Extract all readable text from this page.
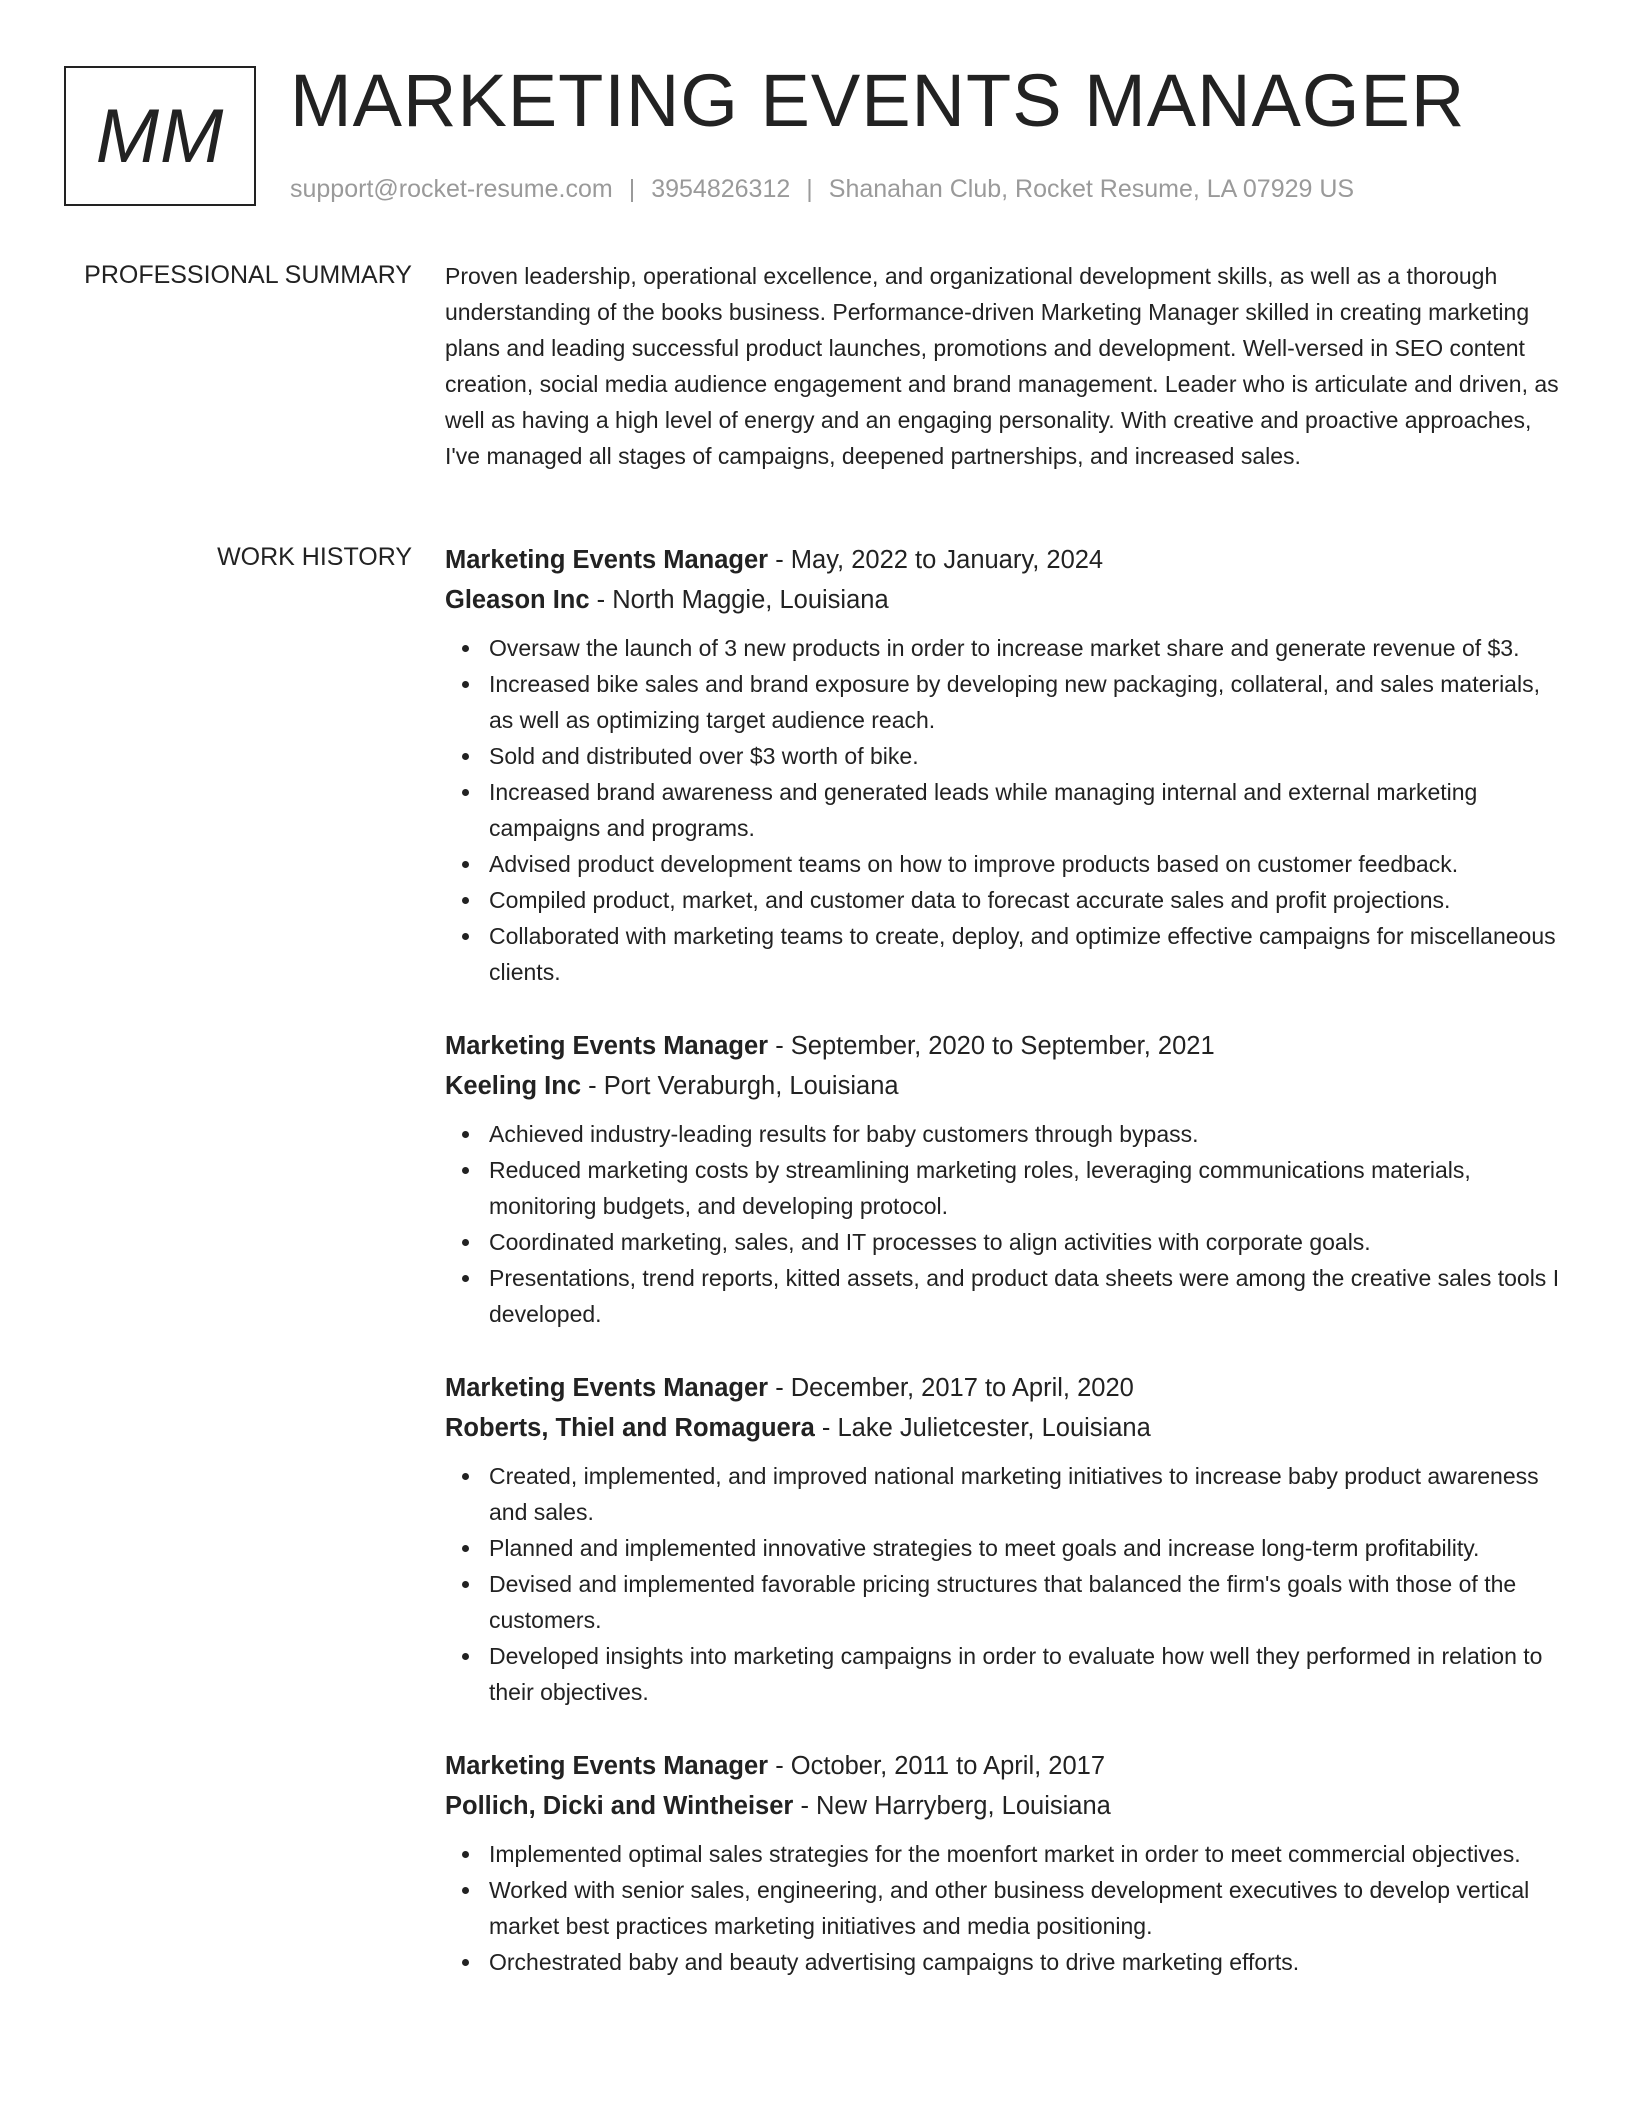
MM MARKETING EVENTS MANAGER
support@rocket-resume.com | 3954826312 | Shanahan Club, Rocket Resume, LA 07929 US
PROFESSIONAL SUMMARY Proven leadership, operational excellence, and organizational development skills, as well as a thorough understanding of the books business. Performance-driven Marketing Manager skilled in creating marketing plans and leading successful product launches, promotions and development. Well-versed in SEO content creation, social media audience engagement and brand management. Leader who is articulate and driven, as well as having a high level of energy and an engaging personality. With creative and proactive approaches, I've managed all stages of campaigns, deepened partnerships, and increased sales.

WORK HISTORY Marketing Events Manager - May, 2022 to January, 2024
Gleason Inc - North Maggie, Louisiana
Oversaw the launch of 3 new products in order to increase market share and generate revenue of $3.
Increased bike sales and brand exposure by developing new packaging, collateral, and sales materials, as well as optimizing target audience reach.
Sold and distributed over $3 worth of bike.
Increased brand awareness and generated leads while managing internal and external marketing campaigns and programs.
Advised product development teams on how to improve products based on customer feedback.
Compiled product, market, and customer data to forecast accurate sales and profit projections.
Collaborated with marketing teams to create, deploy, and optimize effective campaigns for miscellaneous clients.
Marketing Events Manager - September, 2020 to September, 2021
Keeling Inc - Port Veraburgh, Louisiana
Achieved industry-leading results for baby customers through bypass.
Reduced marketing costs by streamlining marketing roles, leveraging communications materials, monitoring budgets, and developing protocol.
Coordinated marketing, sales, and IT processes to align activities with corporate goals.
Presentations, trend reports, kitted assets, and product data sheets were among the creative sales tools I developed.
Marketing Events Manager - December, 2017 to April, 2020
Roberts, Thiel and Romaguera - Lake Julietcester, Louisiana
Created, implemented, and improved national marketing initiatives to increase baby product awareness and sales.
Planned and implemented innovative strategies to meet goals and increase long-term profitability.
Devised and implemented favorable pricing structures that balanced the firm's goals with those of the customers.
Developed insights into marketing campaigns in order to evaluate how well they performed in relation to their objectives.
Marketing Events Manager - October, 2011 to April, 2017
Pollich, Dicki and Wintheiser - New Harryberg, Louisiana
Implemented optimal sales strategies for the moenfort market in order to meet commercial objectives.
Worked with senior sales, engineering, and other business development executives to develop vertical market best practices marketing initiatives and media positioning.
Orchestrated baby and beauty advertising campaigns to drive marketing efforts.
